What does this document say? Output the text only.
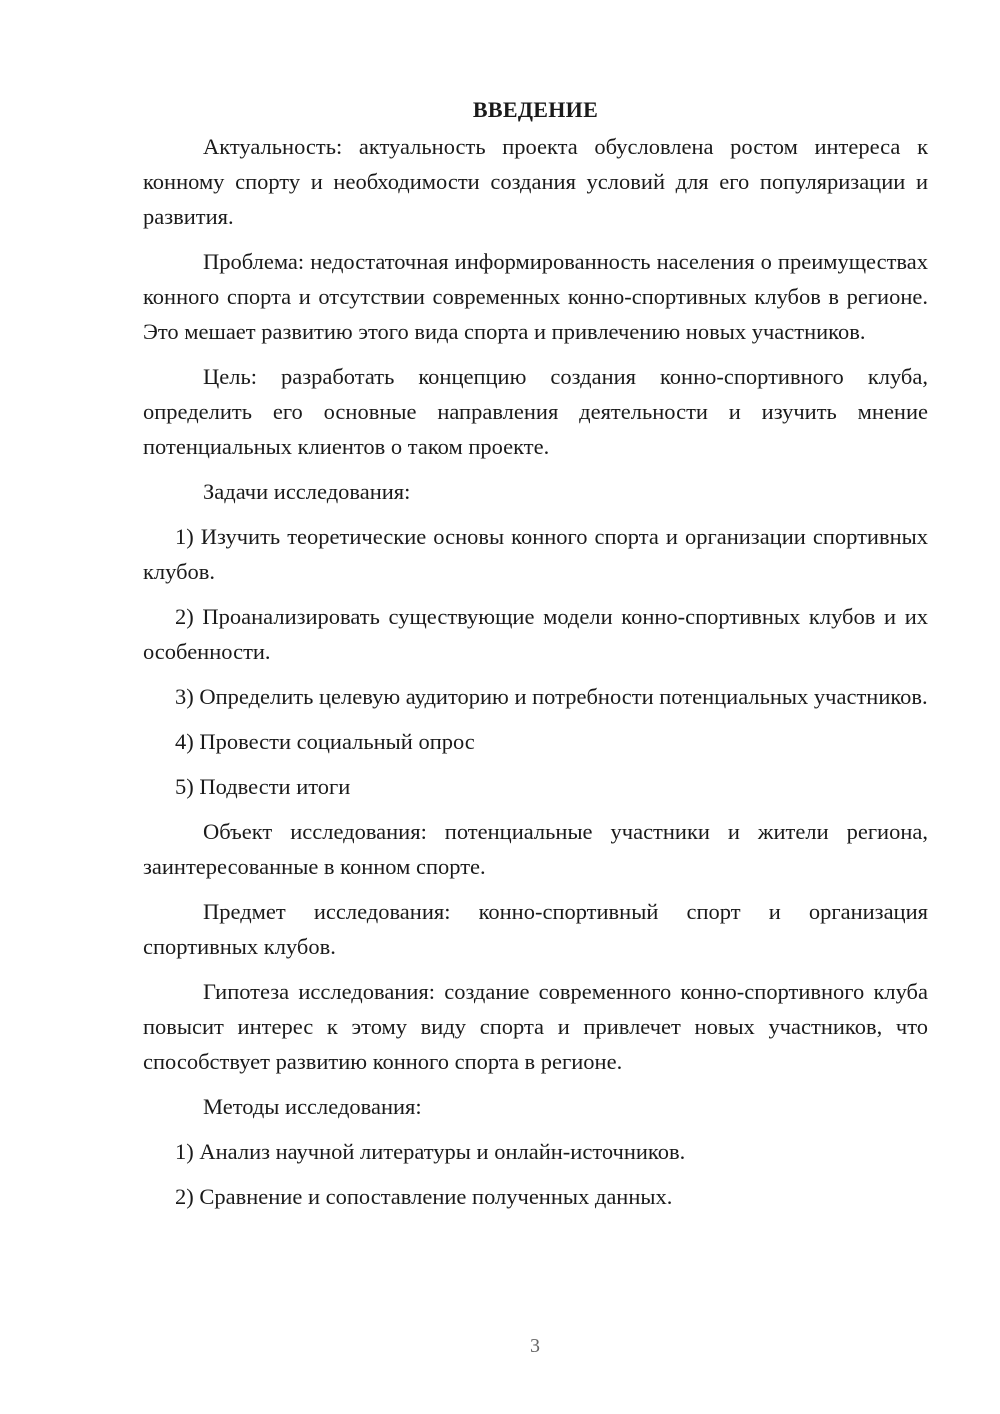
ВВЕДЕНИЕ

Актуальность: актуальность проекта обусловлена ростом интереса к конному спорту и необходимости создания условий для его популяризации и развития.

Проблема: недостаточная информированность населения о преимуществах конного спорта и отсутствии современных конно-спортивных клубов в регионе. Это мешает развитию этого вида спорта и привлечению новых участников.

Цель: разработать концепцию создания конно-спортивного клуба, определить его основные направления деятельности и изучить мнение потенциальных клиентов о таком проекте.

Задачи исследования:

1) Изучить теоретические основы конного спорта и организации спортивных клубов.

2) Проанализировать существующие модели конно-спортивных клубов и их особенности.

3) Определить целевую аудиторию и потребности потенциальных участников.

4) Провести социальный опрос

5) Подвести итоги

Объект исследования: потенциальные участники и жители региона, заинтересованные в конном спорте.

Предмет исследования: конно-спортивный спорт и организация спортивных клубов.

Гипотеза исследования: создание современного конно-спортивного клуба повысит интерес к этому виду спорта и привлечет новых участников, что способствует развитию конного спорта в регионе.

Методы исследования:

1) Анализ научной литературы и онлайн-источников.

2) Сравнение и сопоставление полученных данных.

3
